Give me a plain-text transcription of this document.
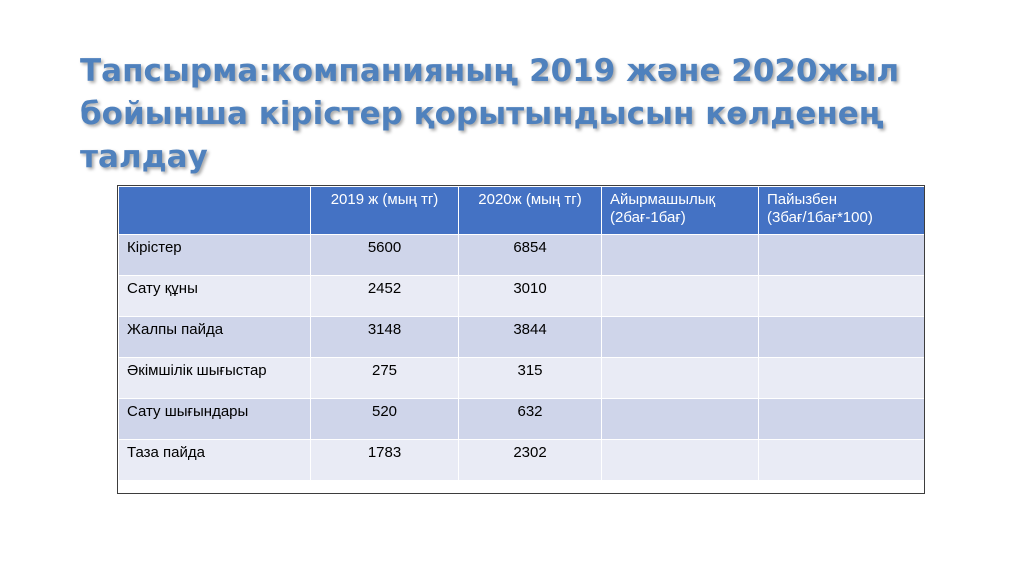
Тапсырма:компанияның 2019 және 2020жыл
бойынша кірістер қорытындысын көлденең талдау
	2019 ж (мың тг)	2020ж (мың тг)	Айырмашылық (2бағ-1бағ)	Пайызбен (3бағ/1бағ*100)
Кірістер	5600	6854		
Сату құны	2452	3010		
Жалпы пайда	3148	3844		
Әкімшілік шығыстар	275	315		
Сату шығындары	520	632		
Таза пайда	1783	2302		
